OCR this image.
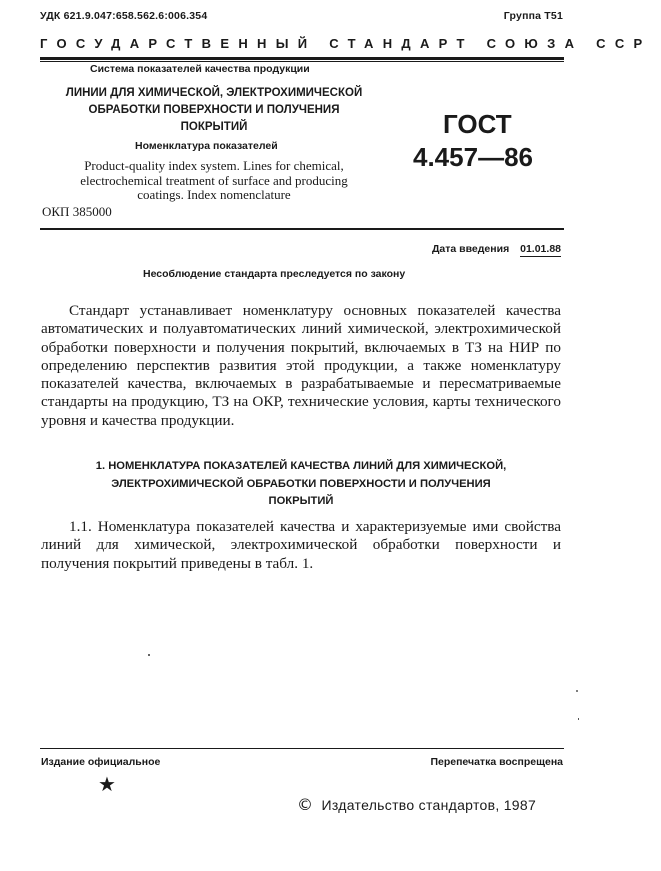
УДК 621.9.047:658.562.6:006.354	Группа Т51
ГОСУДАРСТВЕННЫЙ СТАНДАРТ СОЮЗА ССР
Система показателей качества продукции
ЛИНИИ ДЛЯ ХИМИЧЕСКОЙ, ЭЛЕКТРОХИМИЧЕСКОЙ
ОБРАБОТКИ ПОВЕРХНОСТИ И ПОЛУЧЕНИЯ
ПОКРЫТИЙ
Номенклатура показателей
Product-quality index system. Lines for chemical,
electrochemical treatment of surface and producing
coatings. Index nomenclature
ОКП 385000
ГОСТ
4.457—86
Дата введения 01.01.88
Несоблюдение стандарта преследуется по закону

Стандарт устанавливает номенклатуру основных показателей качества автоматических и полуавтоматических линий химической, электрохимической обработки поверхности и получения покрытий, включаемых в ТЗ на НИР по определению перспектив развития этой продукции, а также номенклатуру показателей качества, включаемых в разрабатываемые и пересматриваемые стандарты на продукцию, ТЗ на ОКР, технические условия, карты технического уровня и качества продукции.

1. НОМЕНКЛАТУРА ПОКАЗАТЕЛЕЙ КАЧЕСТВА ЛИНИЙ ДЛЯ ХИМИЧЕСКОЙ,
ЭЛЕКТРОХИМИЧЕСКОЙ ОБРАБОТКИ ПОВЕРХНОСТИ И ПОЛУЧЕНИЯ
ПОКРЫТИЙ

1.1. Номенклатура показателей качества и характеризуемые ими свойства линий для химической, электрохимической обработки поверхности и получения покрытий приведены в табл. 1.

Издание официальное	Перепечатка воспрещена
★
© Издательство стандартов, 1987
